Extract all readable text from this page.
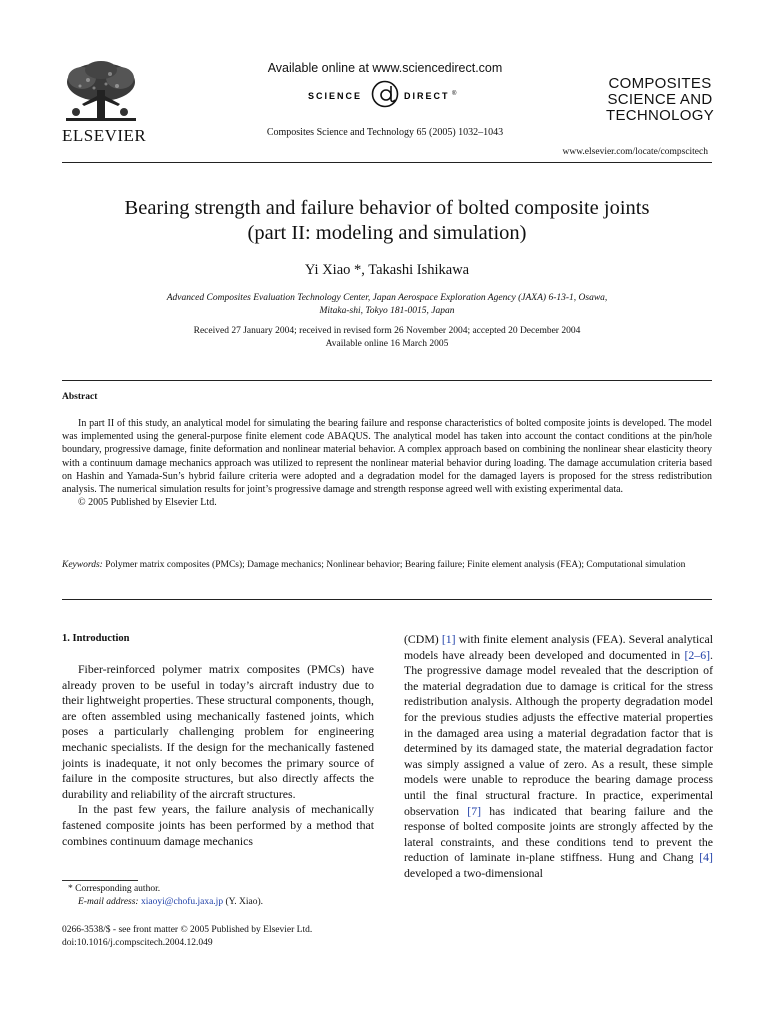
ELSEVIER
Available online at www.sciencedirect.com
SCIENCE	DIRECT ®
Composites Science and Technology 65 (2005) 1032–1043
COMPOSITES
SCIENCE AND
TECHNOLOGY
www.elsevier.com/locate/compscitech
Bearing strength and failure behavior of bolted composite joints
(part II: modeling and simulation)
Yi Xiao *, Takashi Ishikawa
Advanced Composites Evaluation Technology Center, Japan Aerospace Exploration Agency (JAXA) 6-13-1, Osawa,
Mitaka-shi, Tokyo 181-0015, Japan
Received 27 January 2004; received in revised form 26 November 2004; accepted 20 December 2004
Available online 16 March 2005
Abstract

In part II of this study, an analytical model for simulating the bearing failure and response characteristics of bolted composite joints is developed. The model was implemented using the general-purpose finite element code ABAQUS. The analytical model has taken into account the contact conditions at the pin/hole boundary, progressive damage, finite deformation and nonlinear material behavior. A complex approach based on combining the nonlinear shear elasticity theory with a continuum damage mechanics approach was utilized to represent the nonlinear material behavior during loading. The damage accumulation criteria based on Hashin and Yamada-Sun’s hybrid failure criteria were adopted and a degradation model for the damaged layers is proposed for the stress redistribution analysis. The numerical simulation results for joint’s progressive damage and strength response agreed well with existing experimental data.

© 2005 Published by Elsevier Ltd.

Keywords: Polymer matrix composites (PMCs); Damage mechanics; Nonlinear behavior; Bearing failure; Finite element analysis (FEA); Computational simulation
1. Introduction

Fiber-reinforced polymer matrix composites (PMCs) have already proven to be useful in today’s aircraft industry due to their lightweight properties. These structural components, though, are often assembled using mechanically fastened joints, which poses a particularly challenging problem for engineering mechanic specialists. If the design for the mechanically fastened joints is inadequate, it not only becomes the primary source of failure in the composite structures, but also directly affects the durability and reliability of the aircraft structures.

In the past few years, the failure analysis of mechanically fastened composite joints has been performed by a method that combines continuum damage mechanics

(CDM) [1] with finite element analysis (FEA). Several analytical models have already been developed and documented in [2–6]. The progressive damage model revealed that the description of the material degradation due to damage is critical for the stress redistribution analysis. Although the property degradation model for the previous studies adjusts the effective material properties in the damaged area using a material degradation factor that is determined by its damaged state, the material degradation factor was simply assigned a value of zero. As a result, these simple models were unable to reproduce the bearing damage process until the final structural fracture. In practice, experimental observation [7] has indicated that bearing failure and the response of bolted composite joints are strongly affected by the lateral constraints, and these conditions tend to prevent the reduction of laminate in-plane stiffness. Hung and Chang [4] developed a two-dimensional

* Corresponding author.
E-mail address: xiaoyi@chofu.jaxa.jp (Y. Xiao).
0266-3538/$ - see front matter © 2005 Published by Elsevier Ltd.
doi:10.1016/j.compscitech.2004.12.049
